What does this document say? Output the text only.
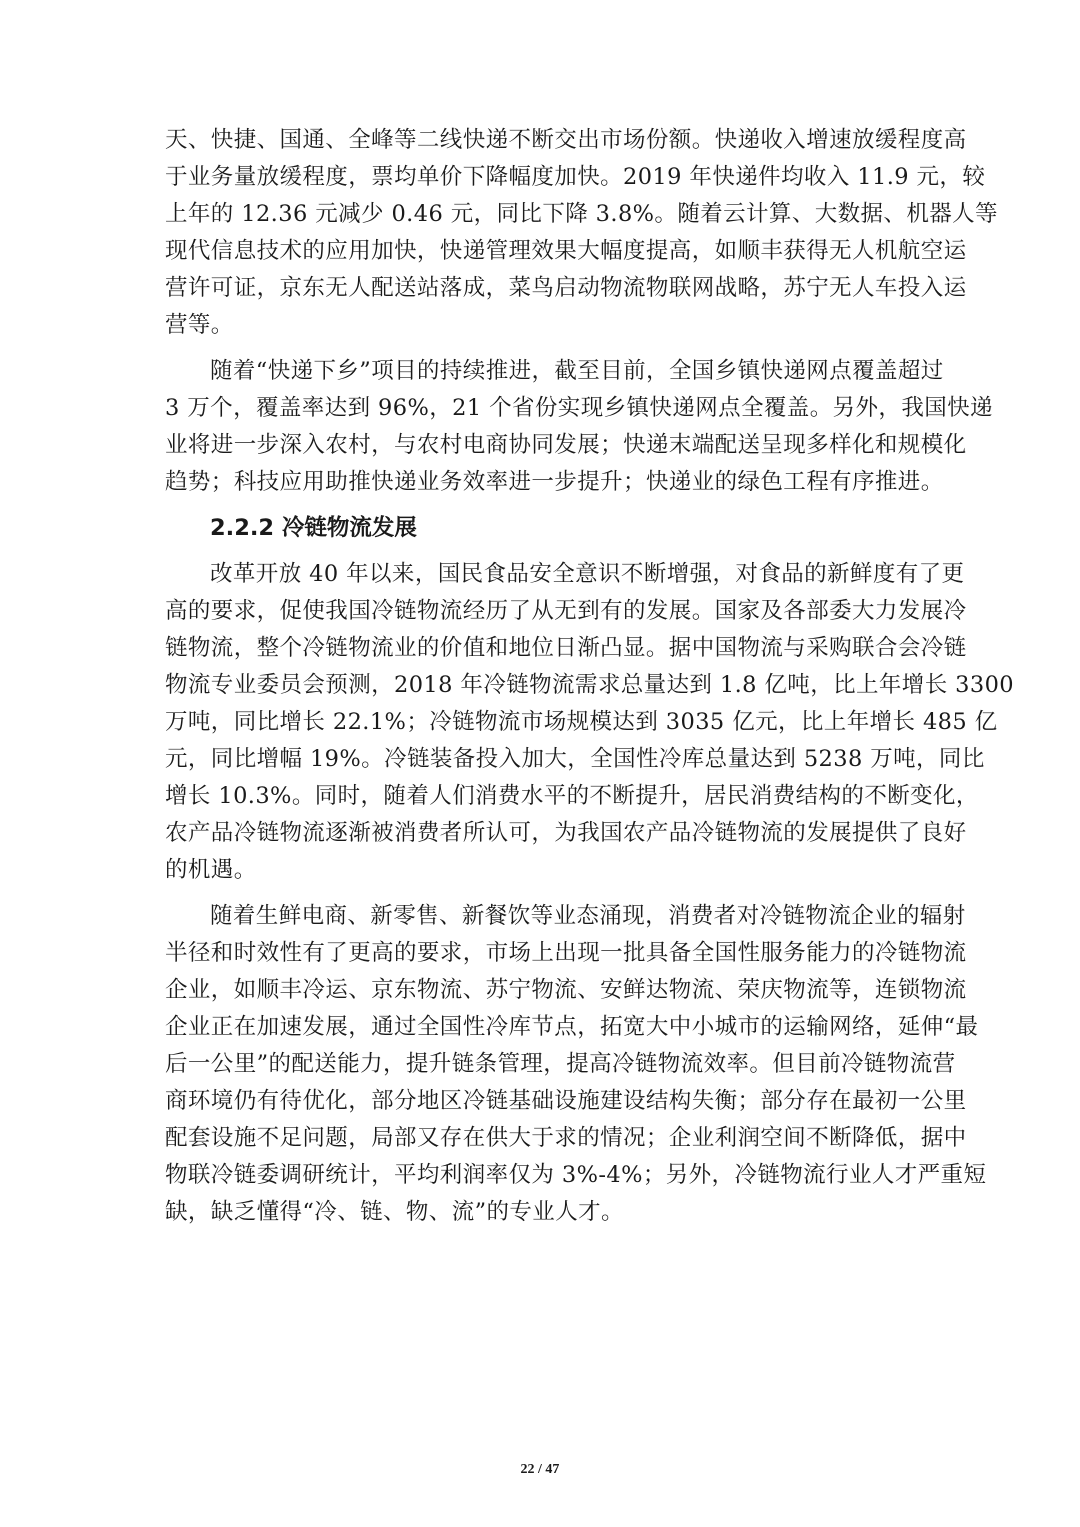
天、快捷、国通、全峰等二线快递不断交出市场份额。快递收入增速放缓程度高
于业务量放缓程度，票均单价下降幅度加快。2019 年快递件均收入 11.9 元，较
上年的 12.36 元减少 0.46 元，同比下降 3.8%。随着云计算、大数据、机器人等
现代信息技术的应用加快，快递管理效果大幅度提高，如顺丰获得无人机航空运
营许可证，京东无人配送站落成，菜鸟启动物流物联网战略，苏宁无人车投入运
营等。
随着“快递下乡”项目的持续推进，截至目前，全国乡镇快递网点覆盖超过
3 万个，覆盖率达到 96%，21 个省份实现乡镇快递网点全覆盖。另外，我国快递
业将进一步深入农村，与农村电商协同发展；快递末端配送呈现多样化和规模化
趋势；科技应用助推快递业务效率进一步提升；快递业的绿色工程有序推进。
2.2.2 冷链物流发展
改革开放 40 年以来，国民食品安全意识不断增强，对食品的新鲜度有了更
高的要求，促使我国冷链物流经历了从无到有的发展。国家及各部委大力发展冷
链物流，整个冷链物流业的价值和地位日渐凸显。据中国物流与采购联合会冷链
物流专业委员会预测，2018 年冷链物流需求总量达到 1.8 亿吨，比上年增长 3300
万吨，同比增长 22.1%；冷链物流市场规模达到 3035 亿元，比上年增长 485 亿
元，同比增幅 19%。冷链装备投入加大，全国性冷库总量达到 5238 万吨，同比
增长 10.3%。同时，随着人们消费水平的不断提升，居民消费结构的不断变化，
农产品冷链物流逐渐被消费者所认可，为我国农产品冷链物流的发展提供了良好
的机遇。
随着生鲜电商、新零售、新餐饮等业态涌现，消费者对冷链物流企业的辐射
半径和时效性有了更高的要求，市场上出现一批具备全国性服务能力的冷链物流
企业，如顺丰冷运、京东物流、苏宁物流、安鲜达物流、荣庆物流等，连锁物流
企业正在加速发展，通过全国性冷库节点，拓宽大中小城市的运输网络，延伸“最
后一公里”的配送能力，提升链条管理，提高冷链物流效率。但目前冷链物流营
商环境仍有待优化，部分地区冷链基础设施建设结构失衡；部分存在最初一公里
配套设施不足问题，局部又存在供大于求的情况；企业利润空间不断降低，据中
物联冷链委调研统计，平均利润率仅为 3%-4%；另外，冷链物流行业人才严重短
缺，缺乏懂得“冷、链、物、流”的专业人才。
22 / 47
